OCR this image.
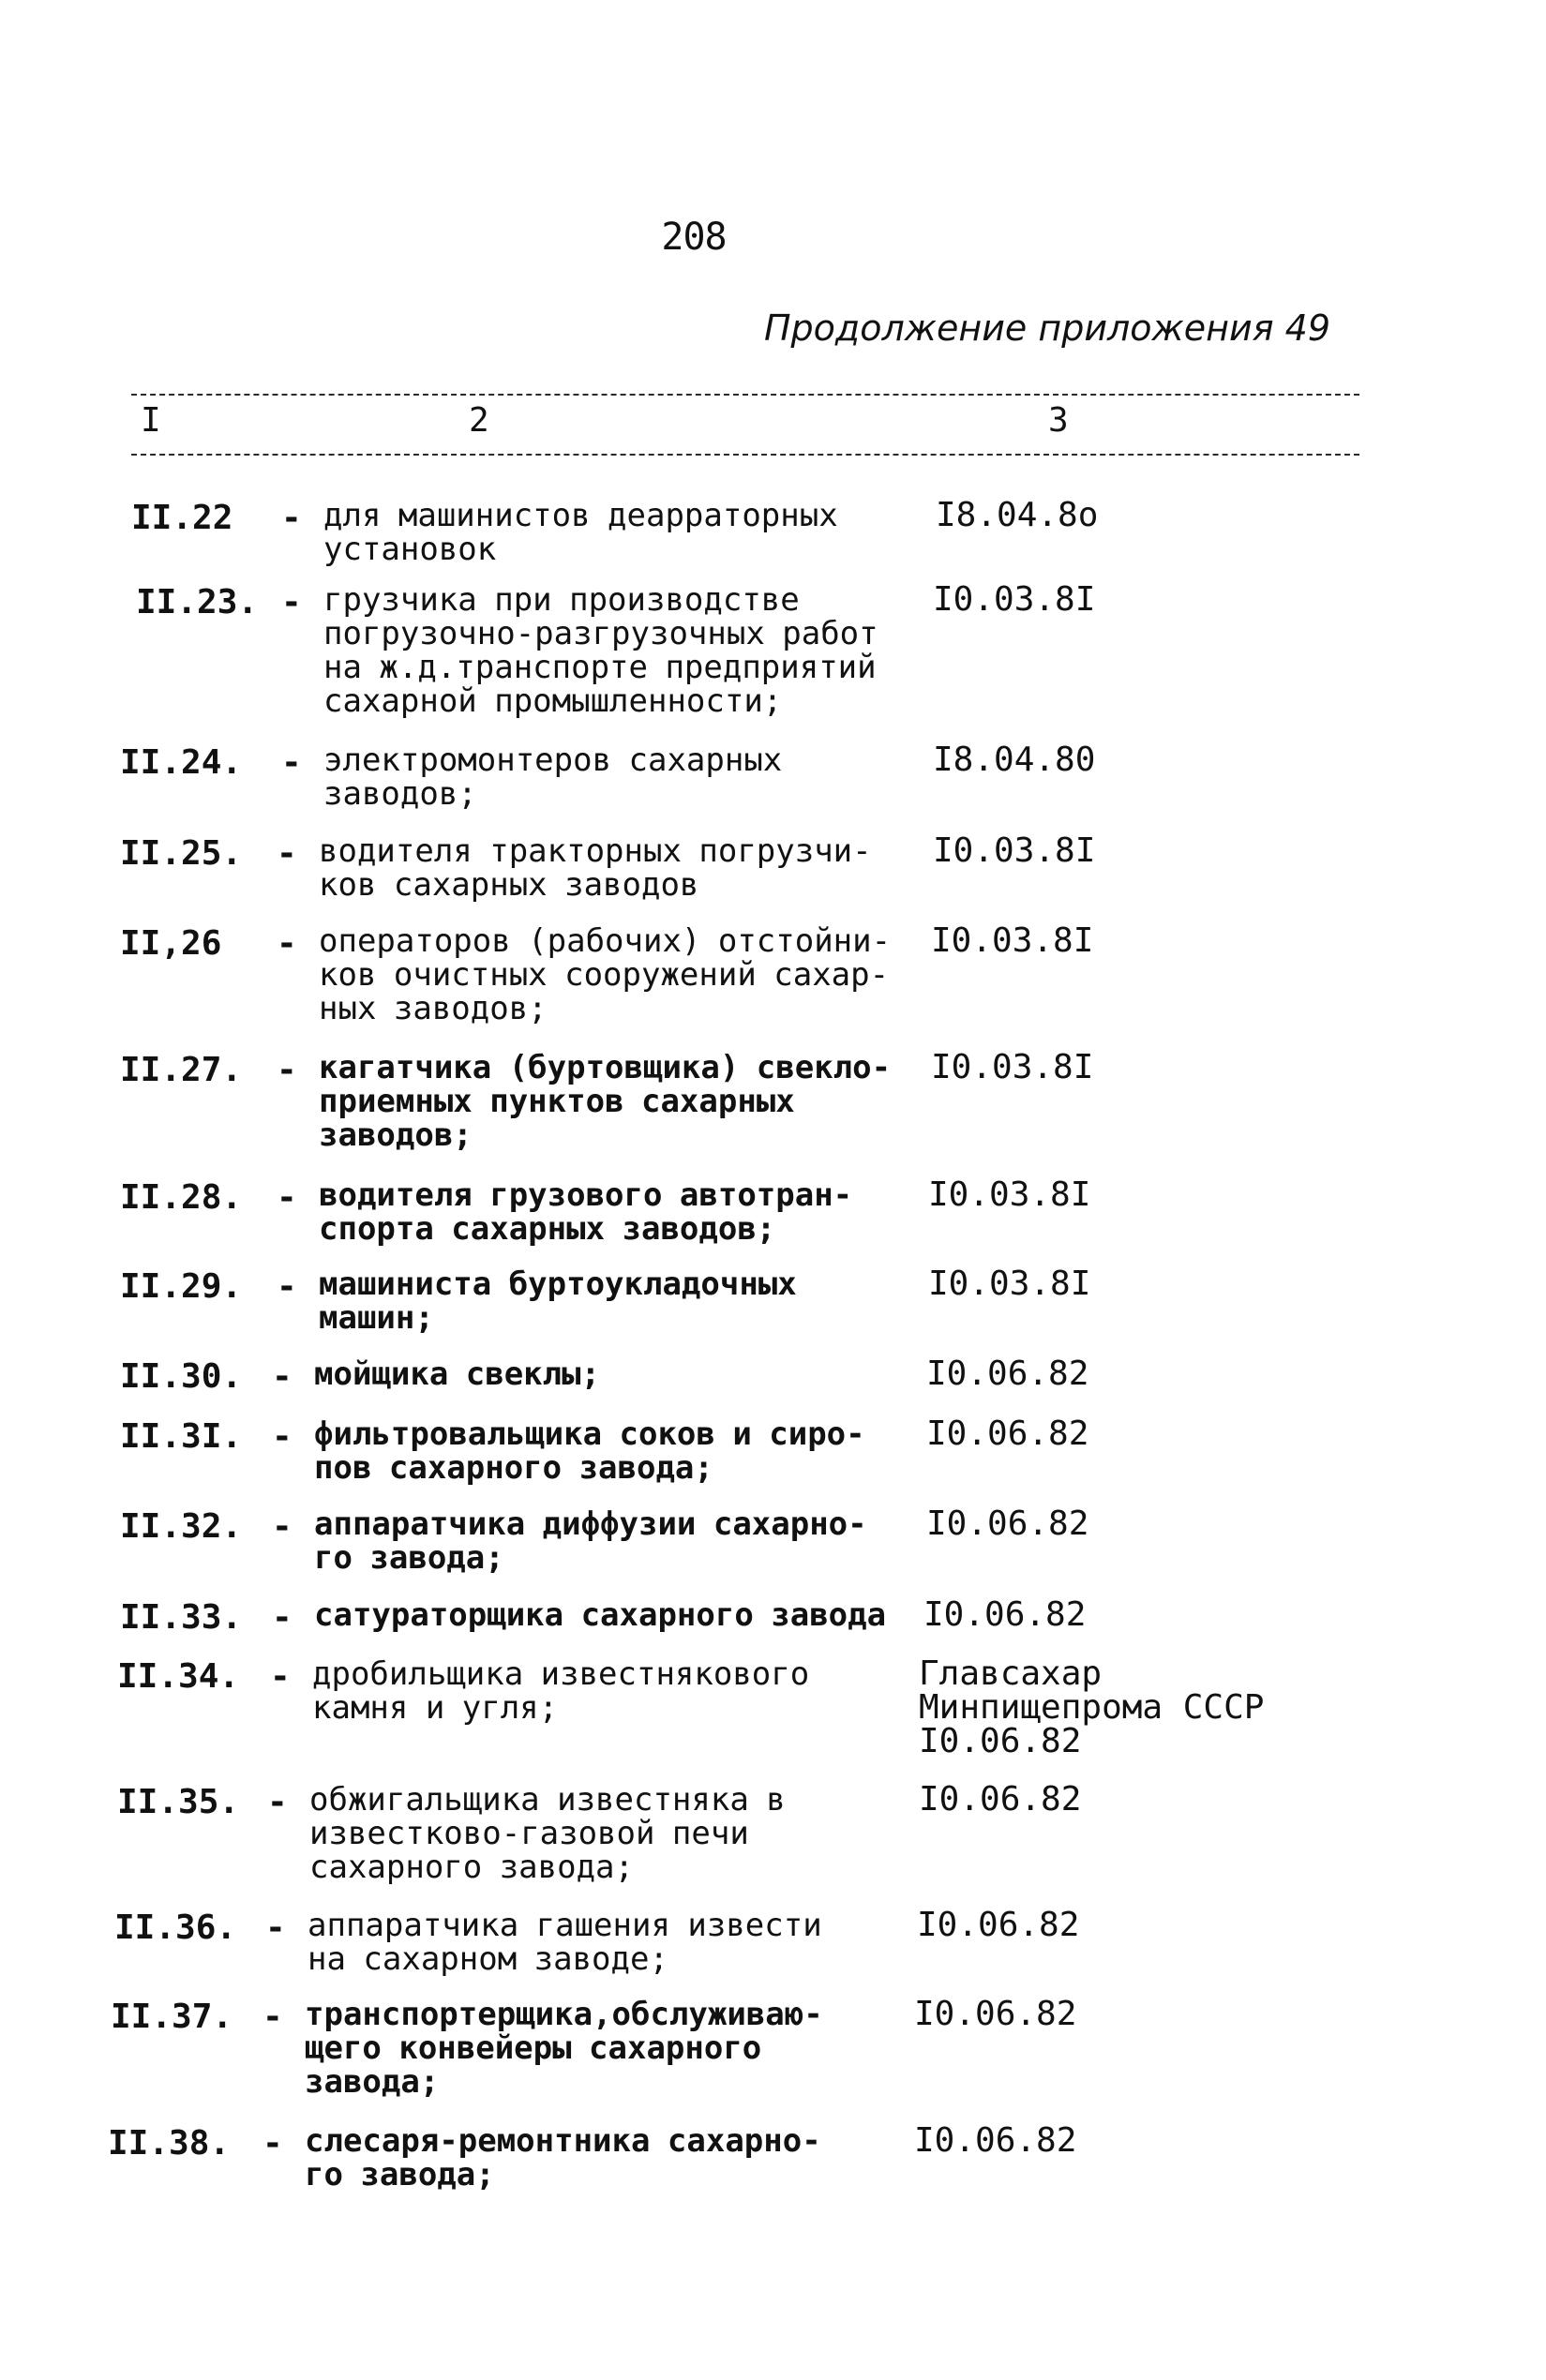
208
Продолжение приложения 49
I	2	3
II.22 - для машинистов деарраторных
установок
I8.04.8o
II.23. - грузчика при производстве
погрузочно-разгрузочных работ
на ж.д.транспорте предприятий
сахарной промышленности;
I0.03.8I
II.24. - электромонтеров сахарных
заводов;
I8.04.80
II.25. - водителя тракторных погрузчи-
ков сахарных заводов
I0.03.8I
II,26 - операторов (рабочих) отстойни-
ков очистных сооружений сахар-
ных заводов;
I0.03.8I
II.27. - кагатчика (буртовщика) свекло-
приемных пунктов сахарных
заводов;
I0.03.8I
II.28. - водителя грузового автотран-
спорта сахарных заводов;
I0.03.8I
II.29. - машиниста буртоукладочных
машин;
I0.03.8I
II.30. - мойщика свеклы;	I0.06.82
II.3I. - фильтровальщика соков и сиро-
пов сахарного завода;
I0.06.82
II.32. - аппаратчика диффузии сахарно-
го завода;
I0.06.82
II.33. - сатураторщика сахарного завода I0.06.82
II.34. - дробильщика известнякового
камня и угля;
Главсахар
Минпищепрома СССР
I0.06.82
II.35. - обжигальщика известняка в
известково-газовой печи
сахарного завода;
I0.06.82
II.36. - аппаратчика гашения извести
на сахарном заводе;
I0.06.82
II.37. - транспортерщика,обслуживаю-
щего конвейеры сахарного
завода;
I0.06.82
II.38. - слесаря-ремонтника сахарно-
го завода;
I0.06.82
